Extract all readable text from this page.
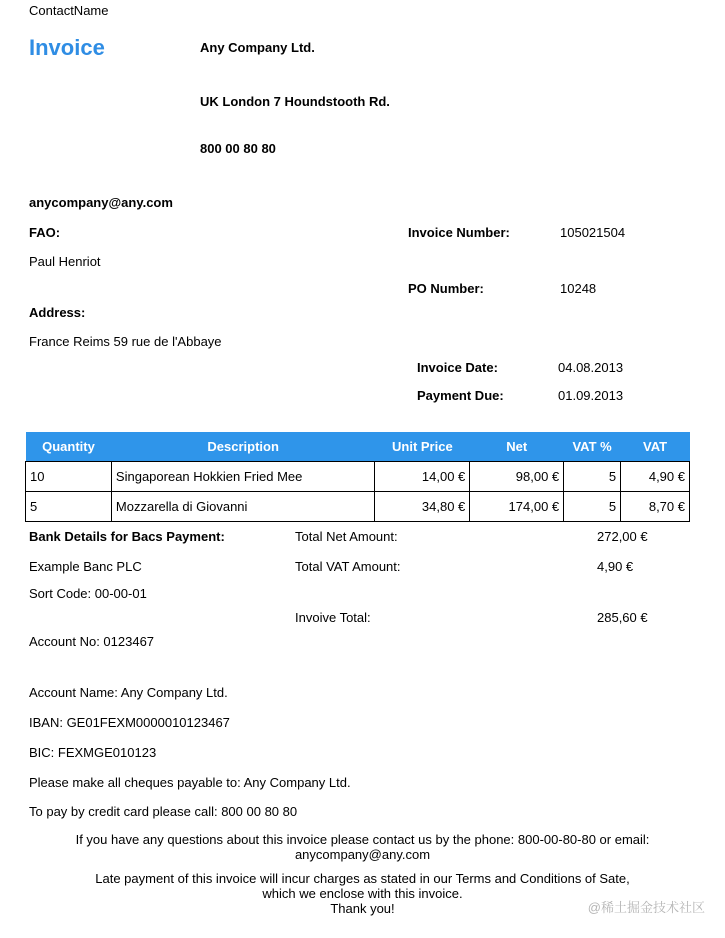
ContactName
Invoice	Any Company Ltd.
UK London 7 Houndstooth Rd.
800 00 80 80
anycompany@any.com
FAO:
Paul Henriot
Address:
France Reims 59 rue de l'Abbaye
Invoice Number:	105021504
PO Number:	10248
Invoice Date:	04.08.2013
Payment Due:	01.09.2013
Quantity	Description	Unit Price	Net	VAT %	VAT
10	Singaporean Hokkien Fried Mee	14,00 €	98,00 €	5	4,90 €
5	Mozzarella di Giovanni	34,80 €	174,00 €	5	8,70 €
Bank Details for Bacs Payment:
Example Banc PLC
Sort Code: 00-00-01
Account No: 0123467
Account Name: Any Company Ltd.
IBAN: GE01FEXM0000010123467
BIC: FEXMGE010123
Total Net Amount:	272,00 €
Total VAT Amount:	4,90 €
Invoive Total:	285,60 €
Please make all cheques payable to: Any Company Ltd.
To pay by credit card please call: 800 00 80 80
If you have any questions about this invoice please contact us by the phone: 800-00-80-80 or email:
anycompany@any.com
Late payment of this invoice will incur charges as stated in our Terms and Conditions of Sate,
which we enclose with this invoice.
Thank you!	@稀土掘金技术社区
